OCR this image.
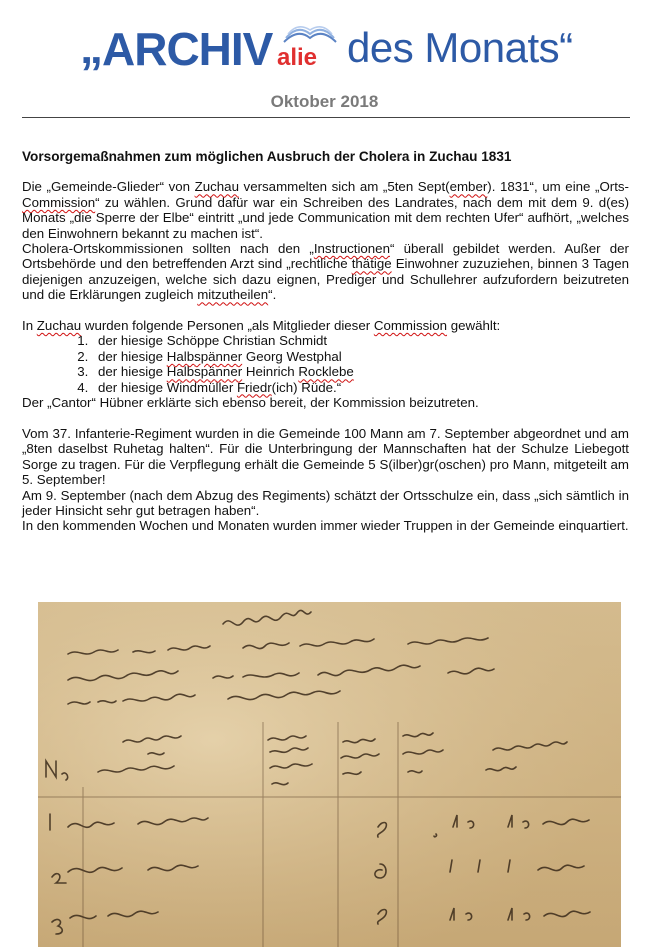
„ ARCHIV alie des Monats“
Oktober 2018
Vorsorgemaßnahmen zum möglichen Ausbruch der Cholera in Zuchau 1831

Die „Gemeinde-Glieder“ von Zuchau versammelten sich am „5ten Sept(ember). 1831“, um eine „Orts-Commission“ zu wählen. Grund dafür war ein Schreiben des Landrates, nach dem mit dem 9. d(es) Monats „die Sperre der Elbe“ eintritt „und jede Communication mit dem rechten Ufer“ aufhört, „welches den Einwohnern bekannt zu machen ist“.

Cholera-Ortskommissionen sollten nach den „Instructionen“ überall gebildet werden. Außer der Ortsbehörde und den betreffenden Arzt sind „rechtliche thätige Einwohner zuzuziehen, binnen 3 Tagen diejenigen anzuzeigen, welche sich dazu eignen, Prediger und Schullehrer aufzufordern beizutreten und die Erklärungen zugleich mitzutheilen“.

In Zuchau wurden folgende Personen „als Mitglieder dieser Commission gewählt:

1. der hiesige Schöppe Christian Schmidt
2. der hiesige Halbspänner Georg Westphal
3. der hiesige Halbspänner Heinrich Rocklebe
4. der hiesige Windmüller Friedr(ich) Rüde.“

Der „Cantor“ Hübner erklärte sich ebenso bereit, der Kommission beizutreten.

Vom 37. Infanterie-Regiment wurden in die Gemeinde 100 Mann am 7. September abgeordnet und am „8ten daselbst Ruhetag halten“. Für die Unterbringung der Mannschaften hat der Schulze Liebegott Sorge zu tragen. Für die Verpflegung erhält die Gemeinde 5 S(ilber)gr(oschen) pro Mann, mitgeteilt am 5. September!

Am 9. September (nach dem Abzug des Regiments) schätzt der Ortsschulze ein, dass „sich sämtlich in jeder Hinsicht sehr gut betragen haben“.

In den kommenden Wochen und Monaten wurden immer wieder Truppen in der Gemeinde einquartiert.
